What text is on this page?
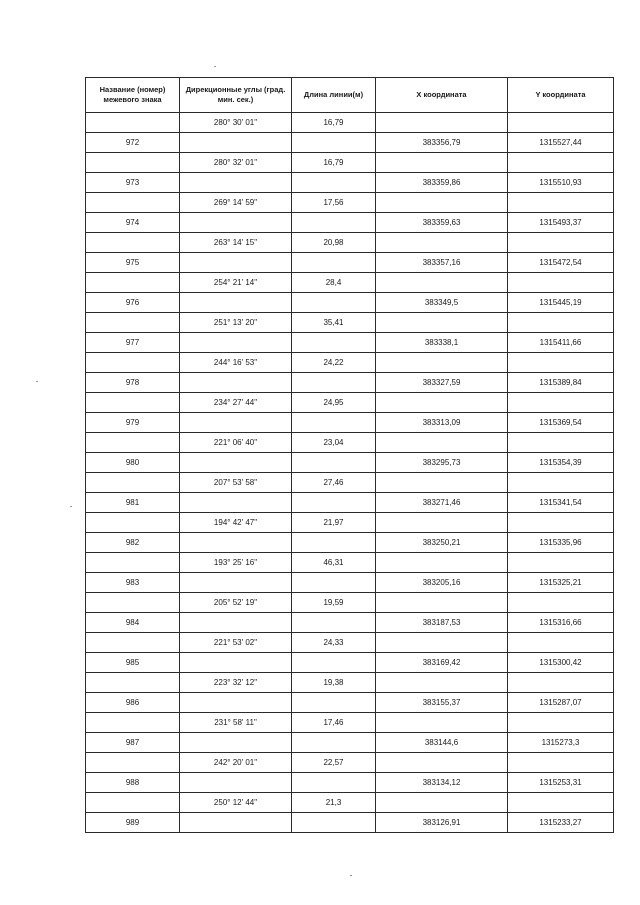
Название (номер) межевого знака	Дирекционные углы (град. мин. сек.)	Длина линии(м)	X координата	Y координата
	280° 30' 01"	16,79		
972			383356,79	1315527,44
	280° 32' 01"	16,79		
973			383359,86	1315510,93
	269° 14' 59"	17,56		
974			383359,63	1315493,37
	263° 14' 15"	20,98		
975			383357,16	1315472,54
	254° 21' 14"	28,4		
976			383349,5	1315445,19
	251° 13' 20"	35,41		
977			383338,1	1315411,66
	244° 16' 53"	24,22		
978			383327,59	1315389,84
	234° 27' 44"	24,95		
979			383313,09	1315369,54
	221° 06' 40"	23,04		
980			383295,73	1315354,39
	207° 53' 58"	27,46		
981			383271,46	1315341,54
	194° 42' 47"	21,97		
982			383250,21	1315335,96
	193° 25' 16"	46,31		
983			383205,16	1315325,21
	205° 52' 19"	19,59		
984			383187,53	1315316,66
	221° 53' 02"	24,33		
985			383169,42	1315300,42
	223° 32' 12"	19,38		
986			383155,37	1315287,07
	231° 58' 11"	17,46		
987			383144,6	1315273,3
	242° 20' 01"	22,57		
988			383134,12	1315253,31
	250° 12' 44"	21,3		
989			383126,91	1315233,27
